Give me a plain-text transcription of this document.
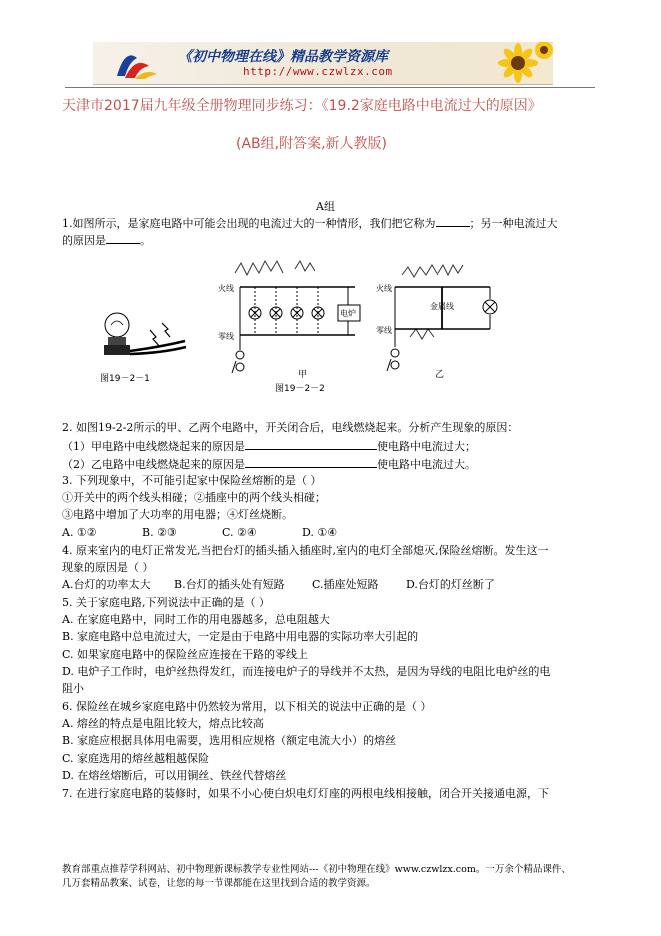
《初中物理在线》精品教学资源库
http://www.czwlzx.com
天津市2017届九年级全册物理同步练习：《19.2家庭电路中电流过大的原因》
(AB组,附答案,新人教版)
A组
1.如图所示，是家庭电路中可能会出现的电流过大的一种情形，我们把它称为	；另一种电流过大
的原因是	。
图19－2－1
火线
零线
电炉
甲
火线
零线
金属线
乙
图19－2－2
2. 如图19-2-2所示的甲、乙两个电路中，开关闭合后，电线燃烧起来。分析产生现象的原因：
（1）甲电路中电线燃烧起来的原因是	使电路中电流过大；
（2）乙电路中电线燃烧起来的原因是	使电路中电流过大。
3. 下列现象中，不可能引起家中保险丝熔断的是（ ）
①开关中的两个线头相碰；②插座中的两个线头相碰；
③电路中增加了大功率的用电器；④灯丝烧断。
A. ①②	B. ②③	C. ②④	D. ①④
4. 原来室内的电灯正常发光,当把台灯的插头插入插座时,室内的电灯全部熄灭,保险丝熔断。发生这一
现象的原因是（ ）
A.台灯的功率太大 B.台灯的插头处有短路 C.插座处短路 D.台灯的灯丝断了
5. 关于家庭电路,下列说法中正确的是（ ）
A. 在家庭电路中，同时工作的用电器越多，总电阻越大
B. 家庭电路中总电流过大，一定是由于电路中用电器的实际功率大引起的
C. 如果家庭电路中的保险丝应连接在干路的零线上
D. 电炉子工作时，电炉丝热得发红，而连接电炉子的导线并不太热，是因为导线的电阻比电炉丝的电
阻小
6. 保险丝在城乡家庭电路中仍然较为常用，以下相关的说法中正确的是（ ）
A. 熔丝的特点是电阻比较大，熔点比较高
B. 家庭应根据具体用电需要，选用相应规格（额定电流大小）的熔丝
C. 家庭选用的熔丝越粗越保险
D. 在熔丝熔断后，可以用铜丝、铁丝代替熔丝
7. 在进行家庭电路的装修时，如果不小心使白炽电灯灯座的两根电线相接触，闭合开关接通电源，下
教育部重点推荐学科网站、初中物理新课标教学专业性网站---《初中物理在线》www.czwlzx.com。一万余个精品课件、
几万套精品教案、试卷，让您的每一节课都能在这里找到合适的教学资源。
